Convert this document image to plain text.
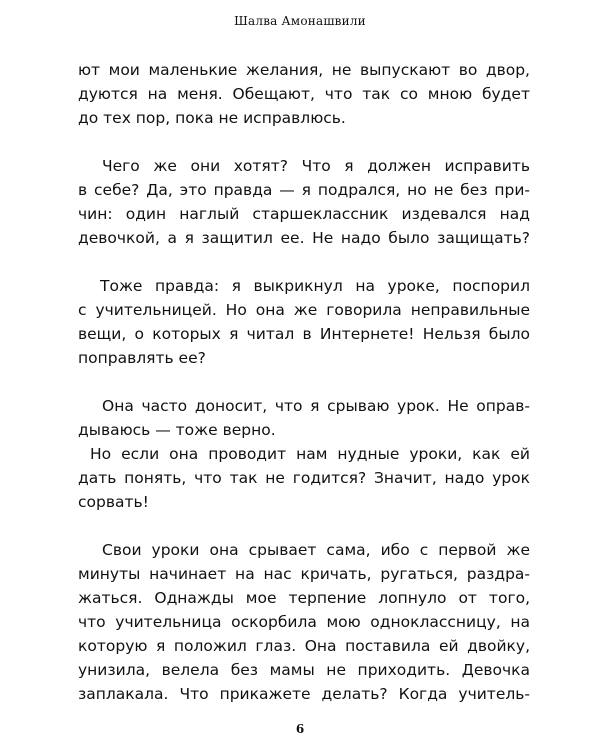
Шалва Амонашвили
ют мои маленькие желания, не выпускают во двор,
дуются на меня. Обещают, что так со мною будет
до тех пор, пока не исправлюсь.
Чего же они хотят? Что я должен исправить
в себе? Да, это правда — я подрался, но не без при-
чин: один наглый старшеклассник издевался над
девочкой, а я защитил ее. Не надо было защищать?
Тоже правда: я выкрикнул на уроке, поспорил
с учительницей. Но она же говорила неправильные
вещи, о которых я читал в Интернете! Нельзя было
поправлять ее?
Она часто доносит, что я срываю урок. Не оправ-
дываюсь — тоже верно.
Но если она проводит нам нудные уроки, как ей
дать понять, что так не годится? Значит, надо урок
сорвать!
Свои уроки она срывает сама, ибо с первой же
минуты начинает на нас кричать, ругаться, раздра-
жаться. Однажды мое терпение лопнуло от того,
что учительница оскорбила мою одноклассницу, на
которую я положил глаз. Она поставила ей двойку,
унизила, велела без мамы не приходить. Девочка
заплакала. Что прикажете делать? Когда учитель-
6
